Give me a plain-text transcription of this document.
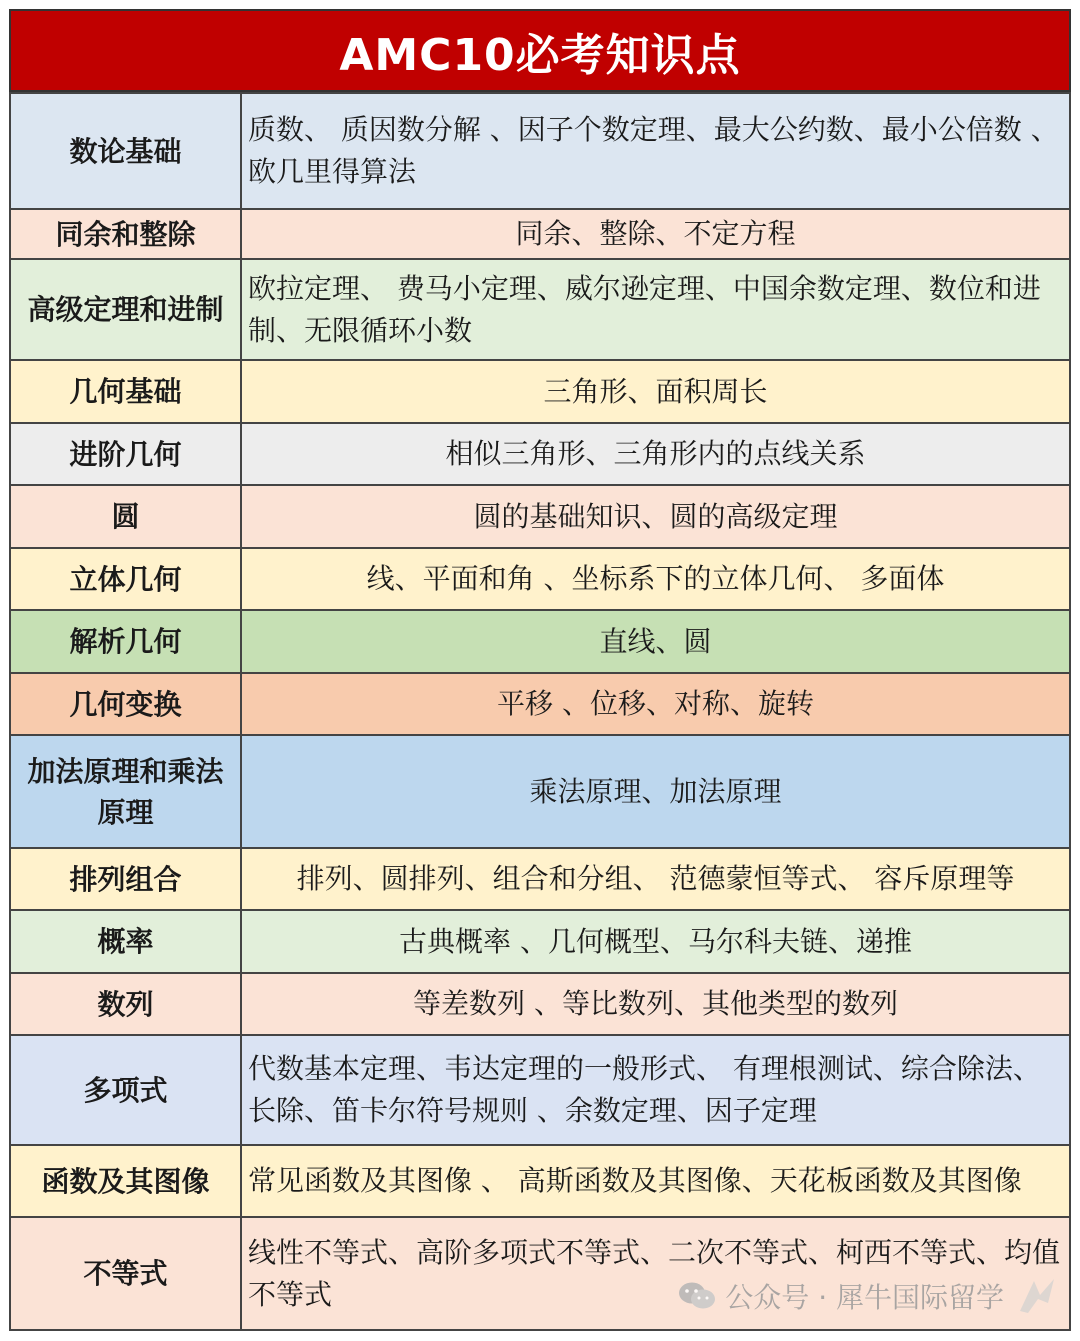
AMC10必考知识点
数论基础	质数、 质因数分解 、因子个数定理、最大公约数、最小公倍数 、欧几里得算法
同余和整除	同余、整除、不定方程
高级定理和进制	欧拉定理、 费马小定理、威尔逊定理、中国余数定理、数位和进制、无限循环小数
几何基础	三角形、面积周长
进阶几何	相似三角形、三角形内的点线关系
圆	圆的基础知识、圆的高级定理
立体几何	线、平面和角 、坐标系下的立体几何、 多面体
解析几何	直线、圆
几何变换	平移 、位移、对称、旋转
加法原理和乘法原理	乘法原理、加法原理
排列组合	排列、圆排列、组合和分组、 范德蒙恒等式、 容斥原理等
概率	古典概率 、几何概型、马尔科夫链、递推
数列	等差数列 、等比数列、其他类型的数列
多项式	代数基本定理、韦达定理的一般形式、 有理根测试、综合除法、长除、笛卡尔符号规则 、余数定理、因子定理
函数及其图像	常见函数及其图像 、 高斯函数及其图像、天花板函数及其图像
不等式	线性不等式、高阶多项式不等式、二次不等式、柯西不等式、均值不等式	公众号 · 犀牛国际留学
